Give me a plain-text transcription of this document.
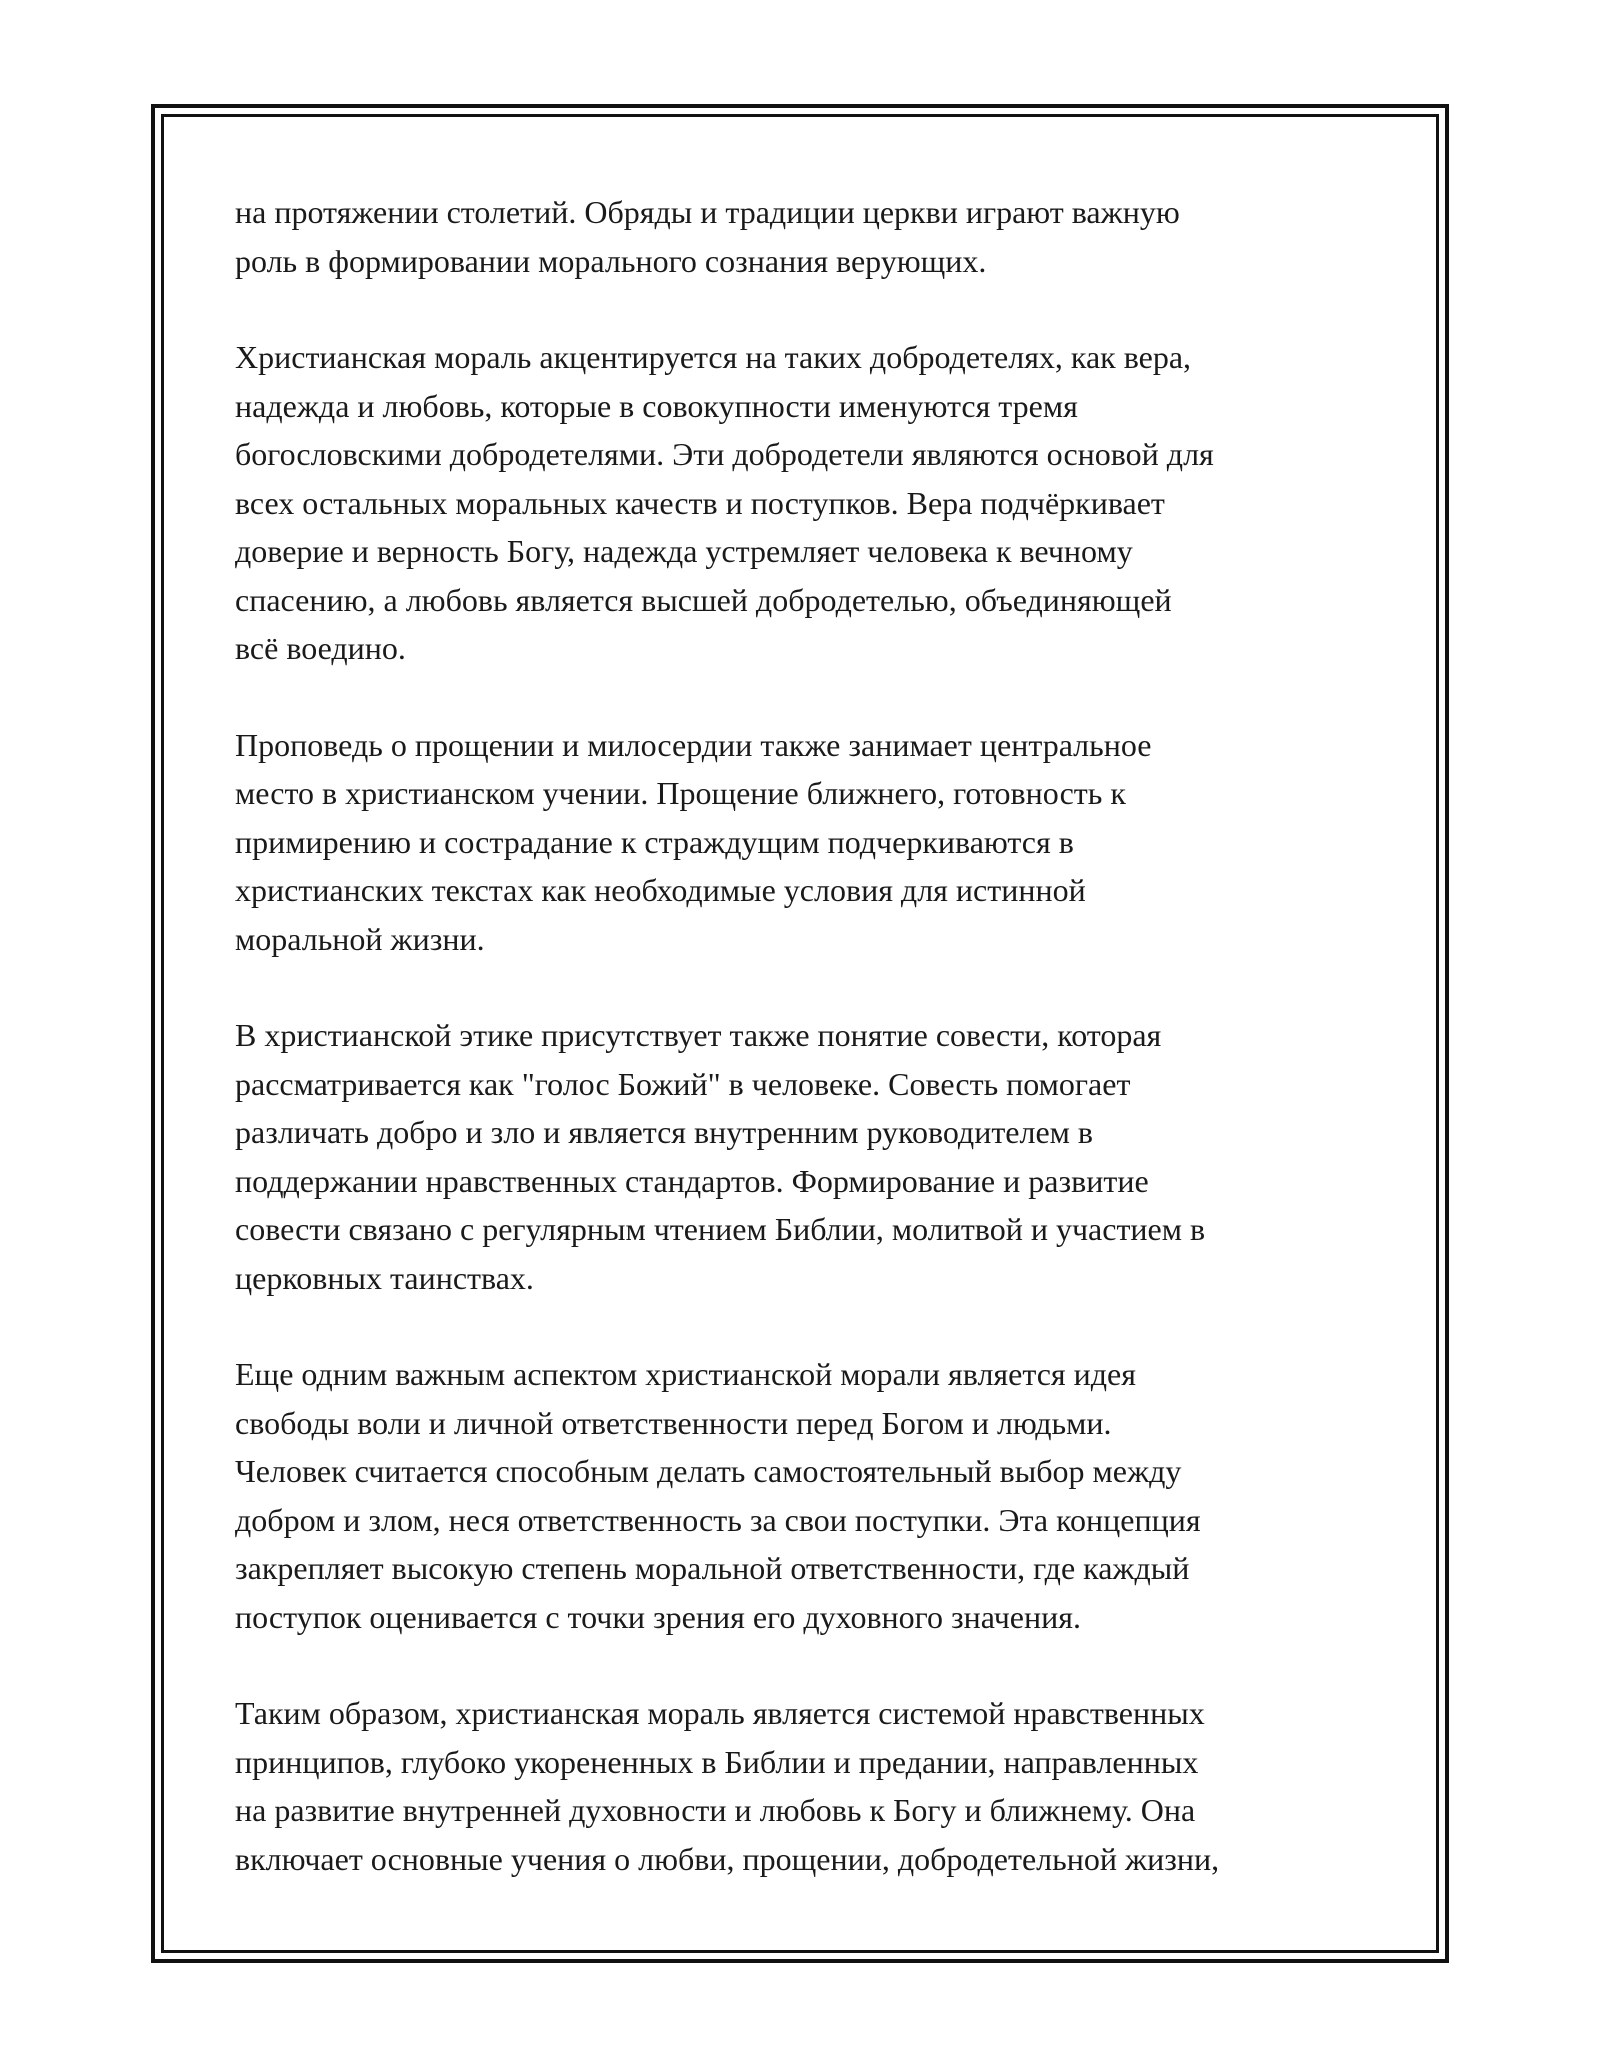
на протяжении столетий. Обряды и традиции церкви играют важную
роль в формировании морального сознания верующих.

Христианская мораль акцентируется на таких добродетелях, как вера,
надежда и любовь, которые в совокупности именуются тремя
богословскими добродетелями. Эти добродетели являются основой для
всех остальных моральных качеств и поступков. Вера подчёркивает
доверие и верность Богу, надежда устремляет человека к вечному
спасению, а любовь является высшей добродетелью, объединяющей
всё воедино.

Проповедь о прощении и милосердии также занимает центральное
место в христианском учении. Прощение ближнего, готовность к
примирению и сострадание к страждущим подчеркиваются в
христианских текстах как необходимые условия для истинной
моральной жизни.

В христианской этике присутствует также понятие совести, которая
рассматривается как "голос Божий" в человеке. Совесть помогает
различать добро и зло и является внутренним руководителем в
поддержании нравственных стандартов. Формирование и развитие
совести связано с регулярным чтением Библии, молитвой и участием в
церковных таинствах.

Еще одним важным аспектом христианской морали является идея
свободы воли и личной ответственности перед Богом и людьми.
Человек считается способным делать самостоятельный выбор между
добром и злом, неся ответственность за свои поступки. Эта концепция
закрепляет высокую степень моральной ответственности, где каждый
поступок оценивается с точки зрения его духовного значения.

Таким образом, христианская мораль является системой нравственных
принципов, глубоко укорененных в Библии и предании, направленных
на развитие внутренней духовности и любовь к Богу и ближнему. Она
включает основные учения о любви, прощении, добродетельной жизни,
